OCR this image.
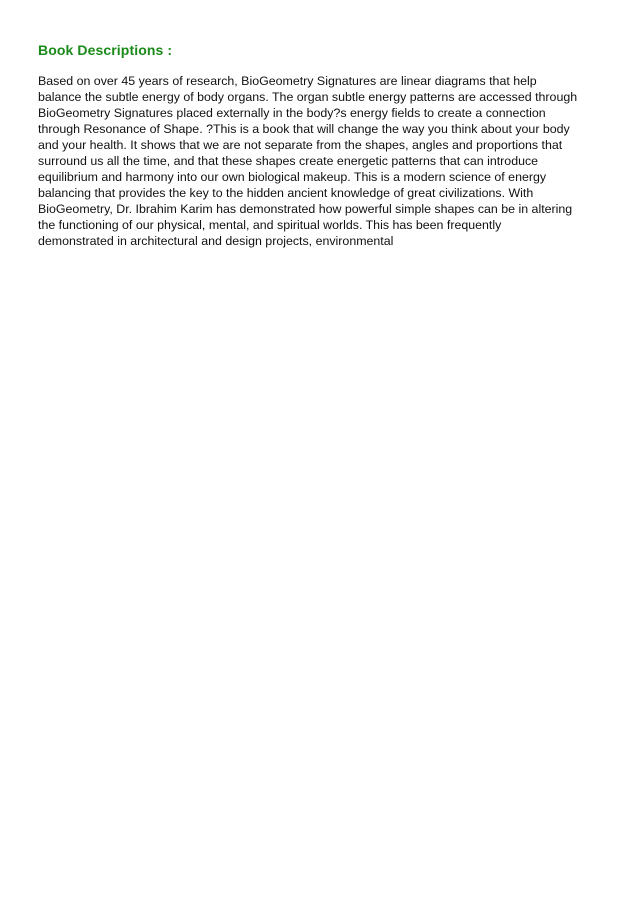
Book Descriptions :
Based on over 45 years of research, BioGeometry Signatures are linear diagrams that help
balance the subtle energy of body organs. The organ subtle energy patterns are accessed through
BioGeometry Signatures placed externally in the body?s energy fields to create a connection
through Resonance of Shape. ?This is a book that will change the way you think about your body
and your health. It shows that we are not separate from the shapes, angles and proportions that
surround us all the time, and that these shapes create energetic patterns that can introduce
equilibrium and harmony into our own biological makeup. This is a modern science of energy
balancing that provides the key to the hidden ancient knowledge of great civilizations. With
BioGeometry, Dr. Ibrahim Karim has demonstrated how powerful simple shapes can be in altering
the functioning of our physical, mental, and spiritual worlds. This has been frequently
demonstrated in architectural and design projects, environmental
